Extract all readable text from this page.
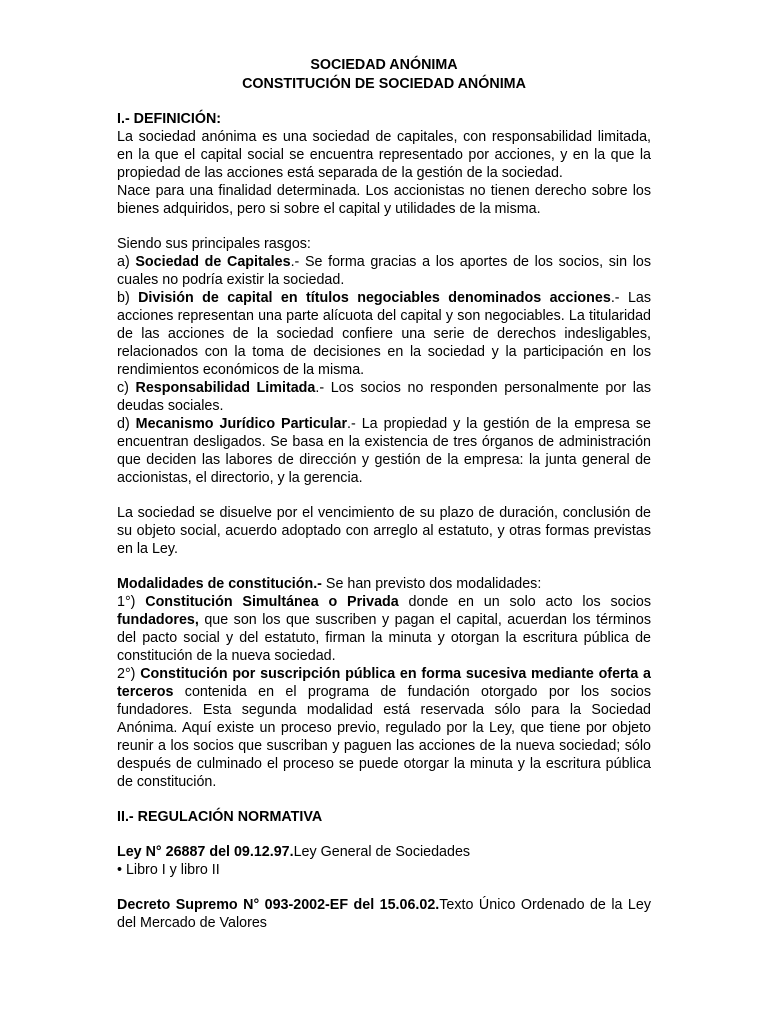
SOCIEDAD ANÓNIMA
CONSTITUCIÓN DE SOCIEDAD ANÓNIMA

I.- DEFINICIÓN:

La sociedad anónima es una sociedad de capitales, con responsabilidad limitada, en la que el capital social se encuentra representado por acciones, y en la que la propiedad de las acciones está separada de la gestión de la sociedad.

Nace para una finalidad determinada. Los accionistas no tienen derecho sobre los bienes adquiridos, pero si sobre el capital y utilidades de la misma.

Siendo sus principales rasgos:

a) Sociedad de Capitales.- Se forma gracias a los aportes de los socios, sin los cuales no podría existir la sociedad.

b) División de capital en títulos negociables denominados acciones.- Las acciones representan una parte alícuota del capital y son negociables. La titularidad de las acciones de la sociedad confiere una serie de derechos indesligables, relacionados con la toma de decisiones en la sociedad y la participación en los rendimientos económicos de la misma.

c) Responsabilidad Limitada.- Los socios no responden personalmente por las deudas sociales.

d) Mecanismo Jurídico Particular.- La propiedad y la gestión de la empresa se encuentran desligados. Se basa en la existencia de tres órganos de administración que deciden las labores de dirección y gestión de la empresa: la junta general de accionistas, el directorio, y la gerencia.

La sociedad se disuelve por el vencimiento de su plazo de duración, conclusión de su objeto social, acuerdo adoptado con arreglo al estatuto, y otras formas previstas en la Ley.

Modalidades de constitución.- Se han previsto dos modalidades:

1°) Constitución Simultánea o Privada donde en un solo acto los socios fundadores, que son los que suscriben y pagan el capital, acuerdan los términos del pacto social y del estatuto, firman la minuta y otorgan la escritura pública de constitución de la nueva sociedad.

2°) Constitución por suscripción pública en forma sucesiva mediante oferta a terceros contenida en el programa de fundación otorgado por los socios fundadores. Esta segunda modalidad está reservada sólo para la Sociedad Anónima. Aquí existe un proceso previo, regulado por la Ley, que tiene por objeto reunir a los socios que suscriban y paguen las acciones de la nueva sociedad; sólo después de culminado el proceso se puede otorgar la minuta y la escritura pública de constitución.

II.- REGULACIÓN NORMATIVA

Ley N° 26887 del 09.12.97.Ley General de Sociedades

• Libro I y libro II

Decreto Supremo N° 093-2002-EF del 15.06.02.Texto Único Ordenado de la Ley del Mercado de Valores
